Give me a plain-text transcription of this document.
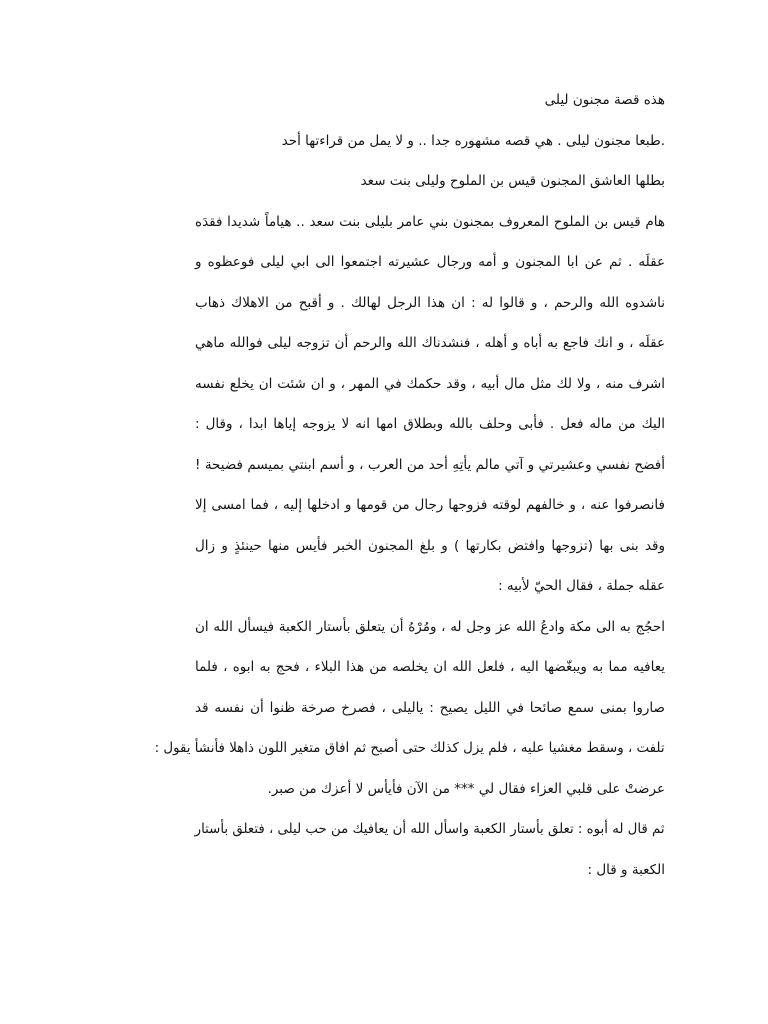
هذه قصة مجنون ليلى
.طبعا مجنون ليلى . هي قصه مشهوره جدا .. و لا يمل من قراءتها أحد
بطلها العاشق المجنون قيس بن الملوح وليلى بنت سعد
هام قيس بن الملوح المعروف بمجنون بني عامر بليلى بنت سعد .. هياماً شديدا فقدَه
عقلَه . ثم عن ابا المجنون و أمه ورجال عشيرته اجتمعوا الى ابي ليلى فوعظوه و
ناشدوه الله والرحم ، و قالوا له : ان هذا الرجل لهالك . و أقبح من الاهلاك ذهاب
عقلَه ، و انك فاجع به أباه و أهله ، فنشدناك الله والرحم أن تزوجه ليلى فوالله ماهي
اشرف منه ، ولا لك مثل مال أبيه ، وقد حكمك في المهر ، و ان شئت ان يخلع نفسه
اليك من ماله فعل . فأبى وحلف بالله وبطلاق امها انه لا يزوجه إياها ابدا ، وقال :
أفضح نفسي وعشيرتي و آتي مالم يأتِهِ أحد من العرب ، و أسم ابنتي بميسم فضيحة !
فانصرفوا عنه ، و خالفهم لوقته فزوجها رجال من قومها و ادخلها إليه ، فما امسى إلا
وقد بنى بها (تزوجها وافتض بكارتها ) و بلغ المجنون الخبر فأيس منها حينئذٍ و زال
عقله جملة ، فقال الحيّ لأبيه :
احجُج به الى مكة وادعُ الله عز وجل له ، ومُرْهُ أن يتعلق بأستار الكعبة فيسأل الله ان
يعافيه مما به ويبغّضها اليه ، فلعل الله ان يخلصه من هذا البلاء ، فحج به ابوه ، فلما
صاروا بمنى سمع صائحا في الليل يصيح : ياليلى ، فصرخ صرخة ظنوا أن نفسه قد
تلفت ، وسقط مغشيا عليه ، فلم يزل كذلك حتى أصبح ثم افاق متغير اللون ذاهلا فأنشأ يقول :
عرضتْ على قلبي العزاء فقال لي *** من الآن فأيأس لا أعزك من صبر.
ثم قال له أبوه : تعلق بأستار الكعبة واسأل الله أن يعافيك من حب ليلى ، فتعلق بأستار
الكعبة و قال :
